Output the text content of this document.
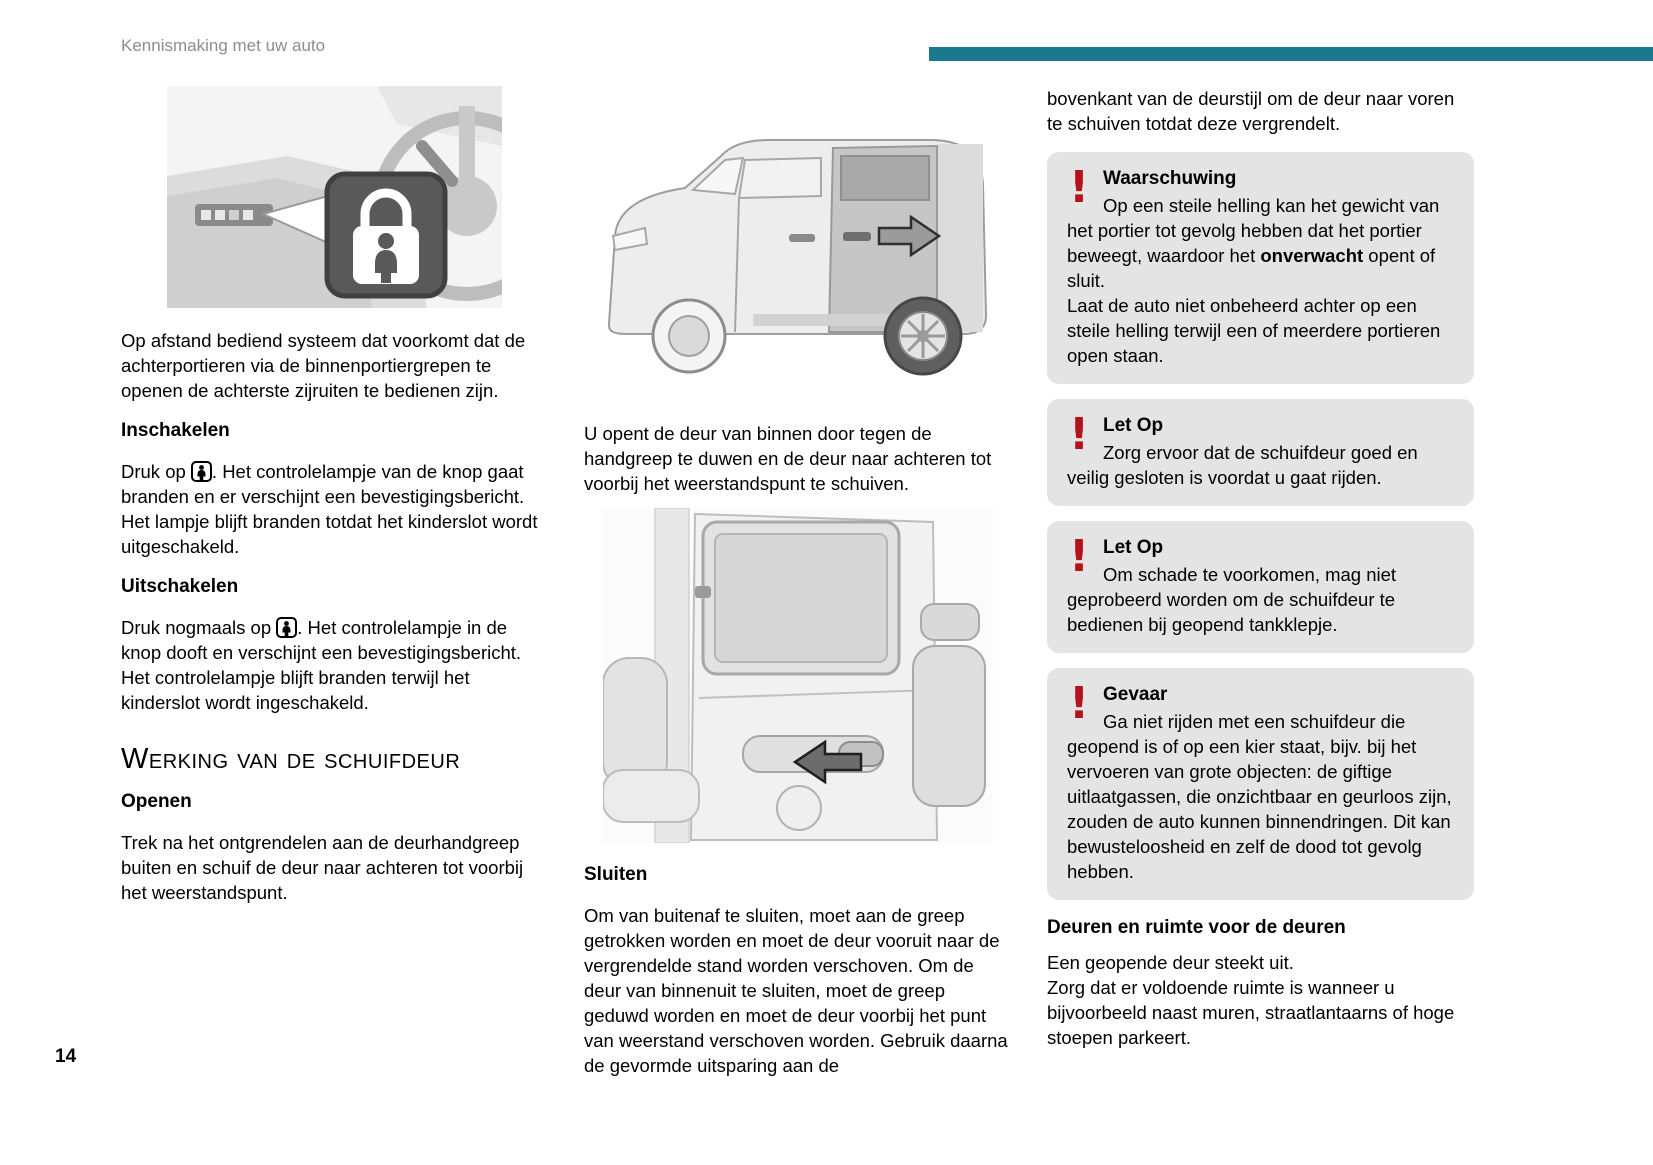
Kennismaking met uw auto

Op afstand bediend systeem dat voorkomt dat de achterportieren via de binnenportiergrepen te openen de achterste zijruiten te bedienen zijn.

Inschakelen

Druk op . Het controlelampje van de knop gaat branden en er verschijnt een bevestigingsbericht. Het lampje blijft branden totdat het kinderslot wordt uitgeschakeld.

Uitschakelen

Druk nogmaals op . Het controlelampje in de knop dooft en verschijnt een bevestigingsbericht. Het controlelampje blijft branden terwijl het kinderslot wordt ingeschakeld.

Werking van de schuifdeur
Openen

Trek na het ontgrendelen aan de deurhandgreep buiten en schuif de deur naar achteren tot voorbij het weerstandspunt.

U opent de deur van binnen door tegen de handgreep te duwen en de deur naar achteren tot voorbij het weerstandspunt te schuiven.

Sluiten

Om van buitenaf te sluiten, moet aan de greep getrokken worden en moet de deur vooruit naar de vergrendelde stand worden verschoven. Om de deur van binnenuit te sluiten, moet de greep geduwd worden en moet de deur voorbij het punt van weerstand verschoven worden. Gebruik daarna de gevormde uitsparing aan de

bovenkant van de deurstijl om de deur naar voren te schuiven totdat deze vergrendelt.

! Waarschuwing
Op een steile helling kan het gewicht van het portier tot gevolg hebben dat het portier beweegt, waardoor het onverwacht opent of sluit.
Laat de auto niet onbeheerd achter op een steile helling terwijl een of meerdere portieren open staan.
! Let Op
Zorg ervoor dat de schuifdeur goed en veilig gesloten is voordat u gaat rijden.
! Let Op
Om schade te voorkomen, mag niet geprobeerd worden om de schuifdeur te bedienen bij geopend tankklepje.
! Gevaar
Ga niet rijden met een schuifdeur die geopend is of op een kier staat, bijv. bij het vervoeren van grote objecten: de giftige uitlaatgassen, die onzichtbaar en geurloos zijn, zouden de auto kunnen binnendringen. Dit kan bewusteloosheid en zelf de dood tot gevolg hebben.
Deuren en ruimte voor de deuren

Een geopende deur steekt uit.

Zorg dat er voldoende ruimte is wanneer u bijvoorbeeld naast muren, straatlantaarns of hoge stoepen parkeert.

14
